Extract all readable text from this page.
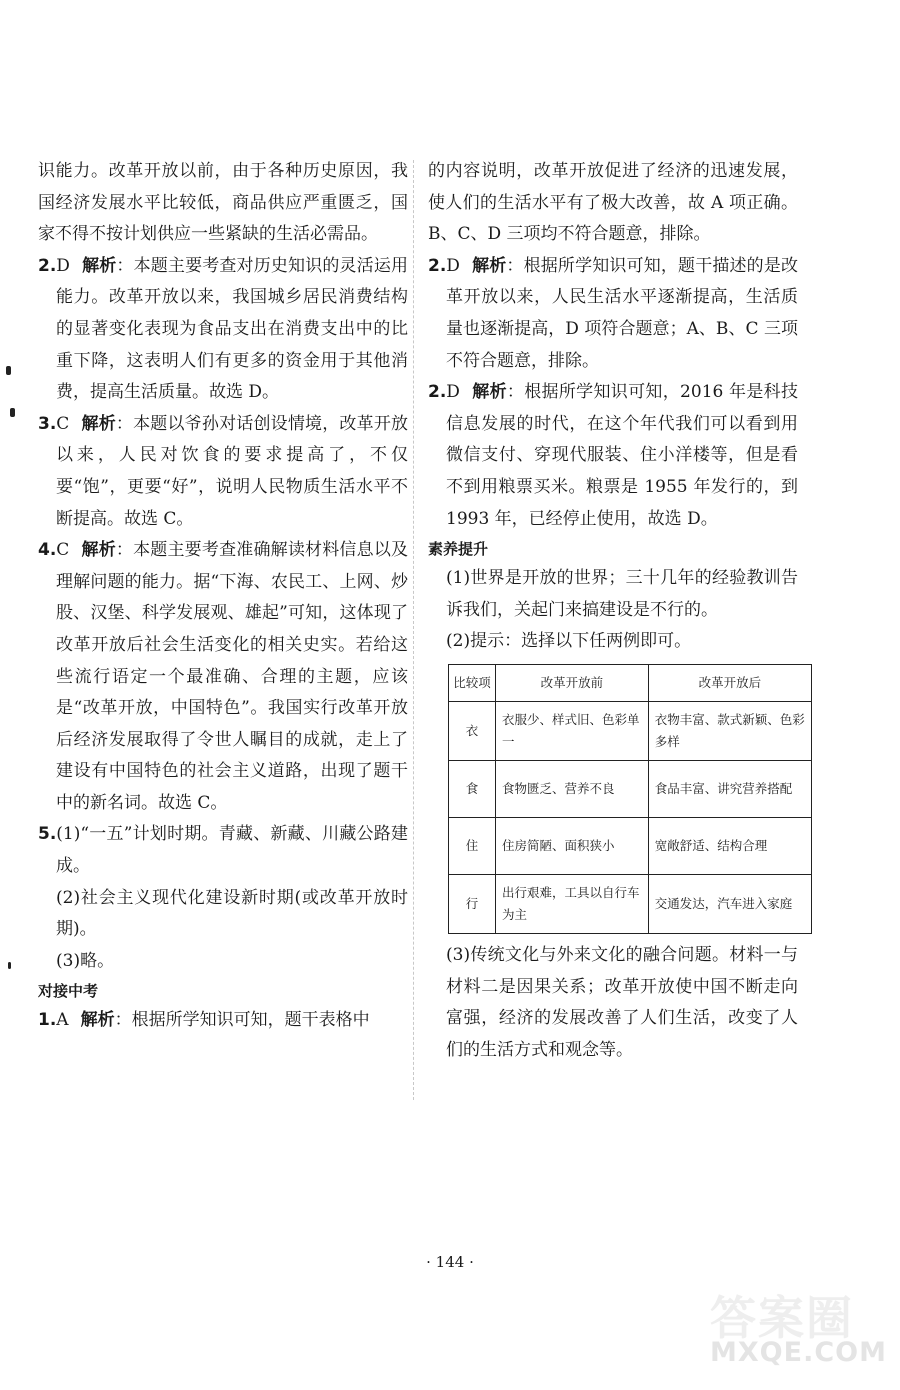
识能力。改革开放以前，由于各种历史原因，我国经济发展水平比较低，商品供应严重匮乏，国家不得不按计划供应一些紧缺的生活必需品。
2.D 解析：本题主要考查对历史知识的灵活运用能力。改革开放以来，我国城乡居民消费结构的显著变化表现为食品支出在消费支出中的比重下降，这表明人们有更多的资金用于其他消费，提高生活质量。故选 D。
3.C 解析：本题以爷孙对话创设情境，改革开放以来，人民对饮食的要求提高了，不仅要“饱”，更要“好”，说明人民物质生活水平不断提高。故选 C。
4.C 解析：本题主要考查准确解读材料信息以及理解问题的能力。据“下海、农民工、上网、炒股、汉堡、科学发展观、雄起”可知，这体现了改革开放后社会生活变化的相关史实。若给这些流行语定一个最准确、合理的主题，应该是“改革开放，中国特色”。我国实行改革开放后经济发展取得了令世人瞩目的成就，走上了建设有中国特色的社会主义道路，出现了题干中的新名词。故选 C。
5.(1)“一五”计划时期。青藏、新藏、川藏公路建成。
(2)社会主义现代化建设新时期(或改革开放时期)。
(3)略。
对接中考
1.A 解析：根据所学知识可知，题干表格中
的内容说明，改革开放促进了经济的迅速发展，使人们的生活水平有了极大改善，故 A 项正确。B、C、D 三项均不符合题意，排除。
2.D 解析：根据所学知识可知，题干描述的是改革开放以来，人民生活水平逐渐提高，生活质量也逐渐提高，D 项符合题意；A、B、C 三项不符合题意，排除。
2.D 解析：根据所学知识可知，2016 年是科技信息发展的时代，在这个年代我们可以看到用微信支付、穿现代服装、住小洋楼等，但是看不到用粮票买米。粮票是 1955 年发行的，到 1993 年，已经停止使用，故选 D。
素养提升
(1)世界是开放的世界；三十几年的经验教训告诉我们，关起门来搞建设是不行的。
(2)提示：选择以下任两例即可。
比较项	改革开放前	改革开放后
衣	衣服少、样式旧、色彩单一	衣物丰富、款式新颖、色彩多样
食	食物匮乏、营养不良	食品丰富、讲究营养搭配
住	住房简陋、面积狭小	宽敞舒适、结构合理
行	出行艰难，工具以自行车为主	交通发达，汽车进入家庭
(3)传统文化与外来文化的融合问题。材料一与材料二是因果关系；改革开放使中国不断走向富强，经济的发展改善了人们生活，改变了人们的生活方式和观念等。
· 144 ·
答案圈
MXQE.COM
